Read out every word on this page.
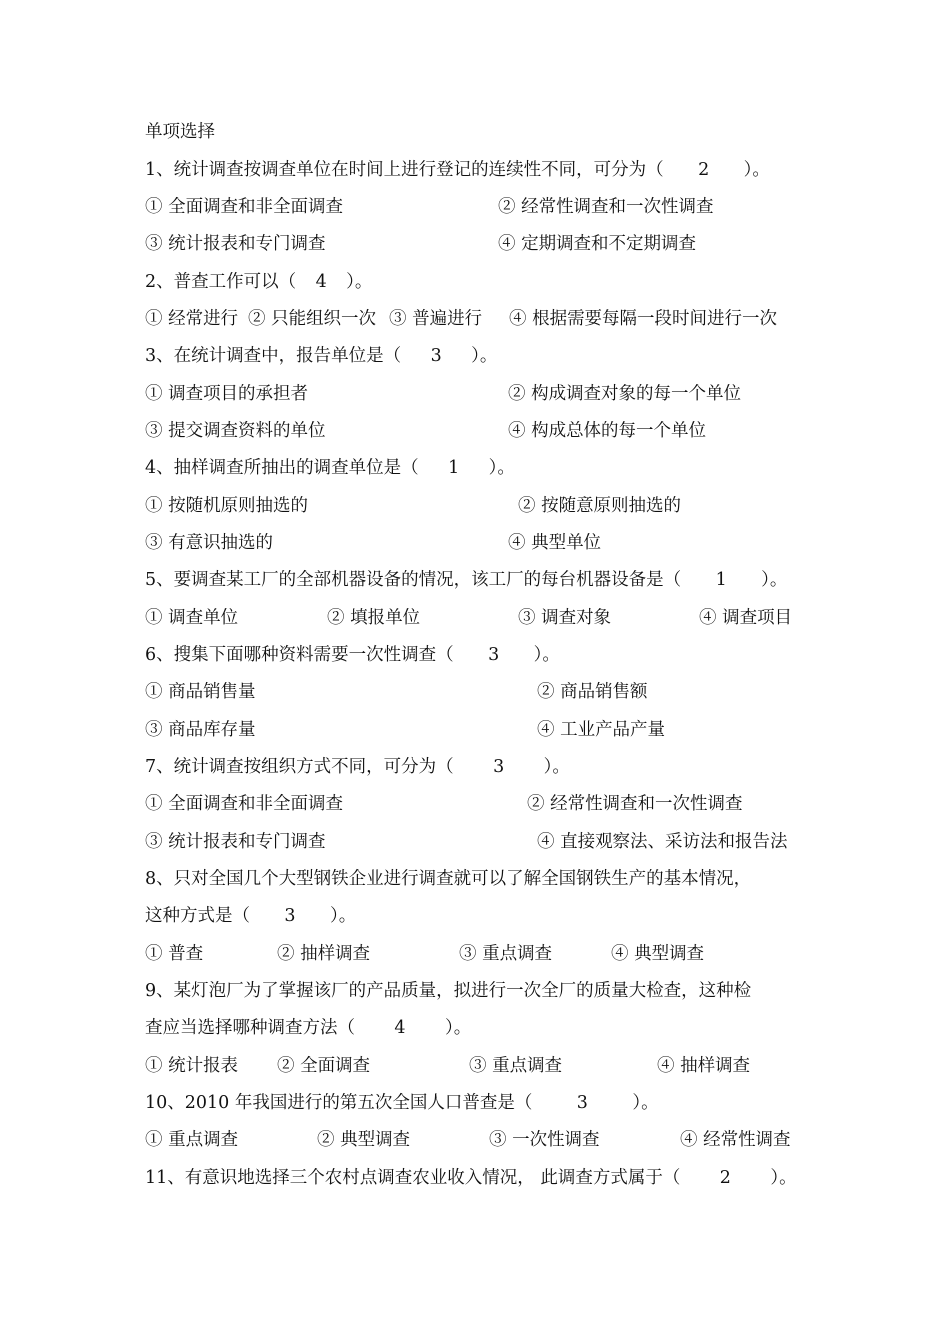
单项选择
1、统计调查按调查单位在时间上进行登记的连续性不同，可分为（ 2 ）。
① 全面调查和非全面调查	② 经常性调查和一次性调查
③ 统计报表和专门调查	④ 定期调查和不定期调查
2、普查工作可以（ 4 ）。
① 经常进行 ② 只能组织一次 ③ 普遍进行 ④ 根据需要每隔一段时间进行一次
3、在统计调查中，报告单位是（ 3 ）。
① 调查项目的承担者	② 构成调查对象的每一个单位
③ 提交调查资料的单位	④ 构成总体的每一个单位
4、抽样调查所抽出的调查单位是（ 1 ）。
① 按随机原则抽选的	② 按随意原则抽选的
③ 有意识抽选的	④ 典型单位
5、要调查某工厂的全部机器设备的情况，该工厂的每台机器设备是（ 1 ）。
① 调查单位	② 填报单位	③ 调查对象	④ 调查项目
6、搜集下面哪种资料需要一次性调查（ 3 ）。
① 商品销售量	② 商品销售额
③ 商品库存量	④ 工业产品产量
7、统计调查按组织方式不同，可分为（ 3 ）。
① 全面调查和非全面调查	② 经常性调查和一次性调查
③ 统计报表和专门调查	④ 直接观察法、采访法和报告法
8、只对全国几个大型钢铁企业进行调查就可以了解全国钢铁生产的基本情况，
这种方式是（ 3 ）。
① 普查	② 抽样调查	③ 重点调查	④ 典型调查
9、某灯泡厂为了掌握该厂的产品质量，拟进行一次全厂的质量大检查，这种检
查应当选择哪种调查方法（ 4 ）。
① 统计报表 ② 全面调查	③ 重点调查	④ 抽样调查
10、2010 年我国进行的第五次全国人口普查是（	3	）。
① 重点调查	② 典型调查	③ 一次性调查	④ 经常性调查
11、有意识地选择三个农村点调查农业收入情况， 此调查方式属于（ 2 ）。
